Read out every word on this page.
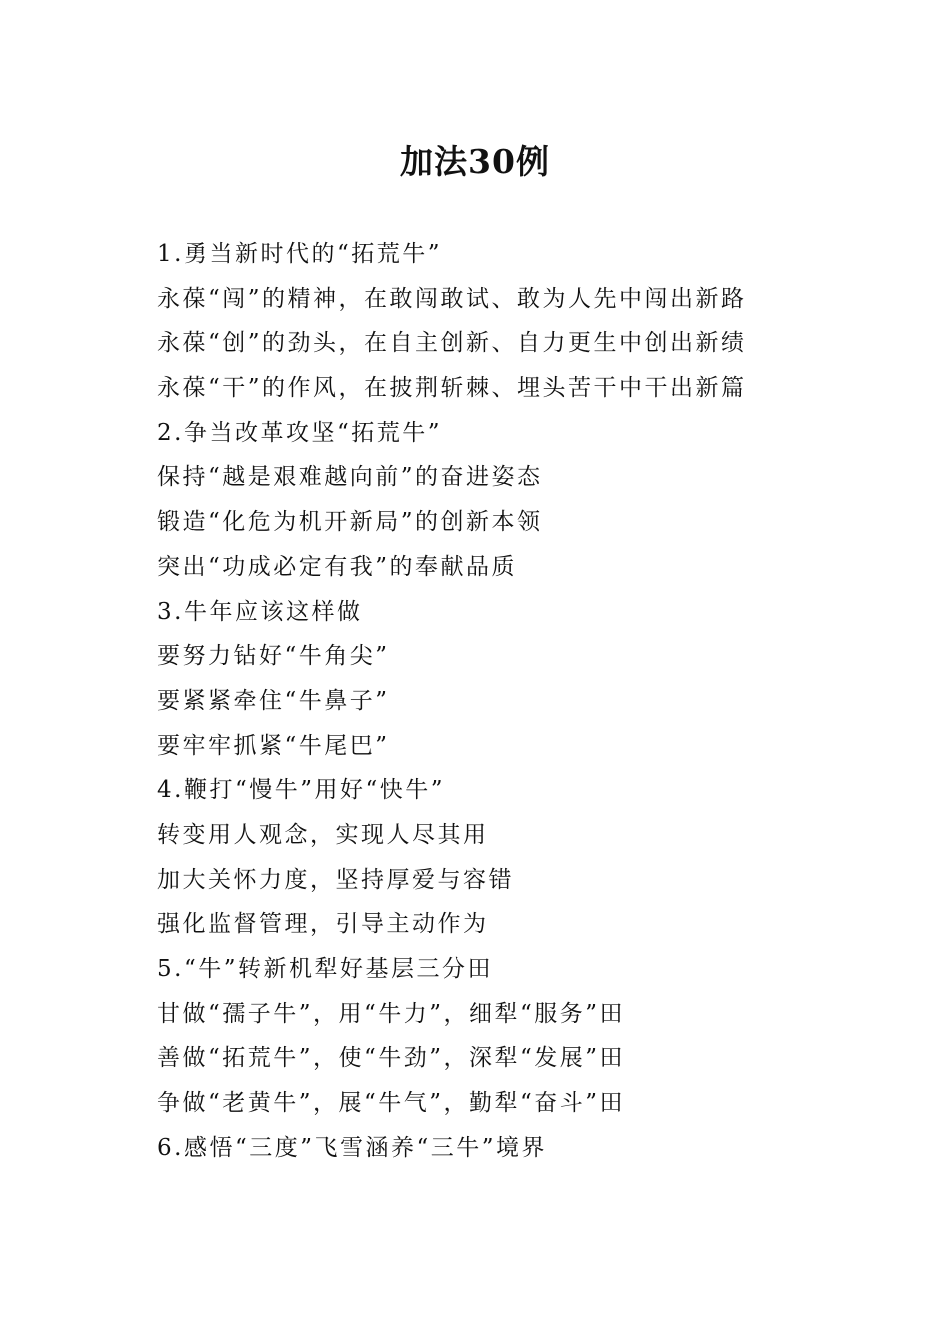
加法30例
1.勇当新时代的“拓荒牛”
永葆“闯”的精神，在敢闯敢试、敢为人先中闯出新路
永葆“创”的劲头，在自主创新、自力更生中创出新绩
永葆“干”的作风，在披荆斩棘、埋头苦干中干出新篇
2.争当改革攻坚“拓荒牛”
保持“越是艰难越向前”的奋进姿态
锻造“化危为机开新局”的创新本领
突出“功成必定有我”的奉献品质
3.牛年应该这样做
要努力钻好“牛角尖”
要紧紧牵住“牛鼻子”
要牢牢抓紧“牛尾巴”
4.鞭打“慢牛”用好“快牛”
转变用人观念，实现人尽其用
加大关怀力度，坚持厚爱与容错
强化监督管理，引导主动作为
5.“牛”转新机犁好基层三分田
甘做“孺子牛”，用“牛力”，细犁“服务”田
善做“拓荒牛”，使“牛劲”，深犁“发展”田
争做“老黄牛”，展“牛气”，勤犁“奋斗”田
6.感悟“三度”飞雪涵养“三牛”境界
